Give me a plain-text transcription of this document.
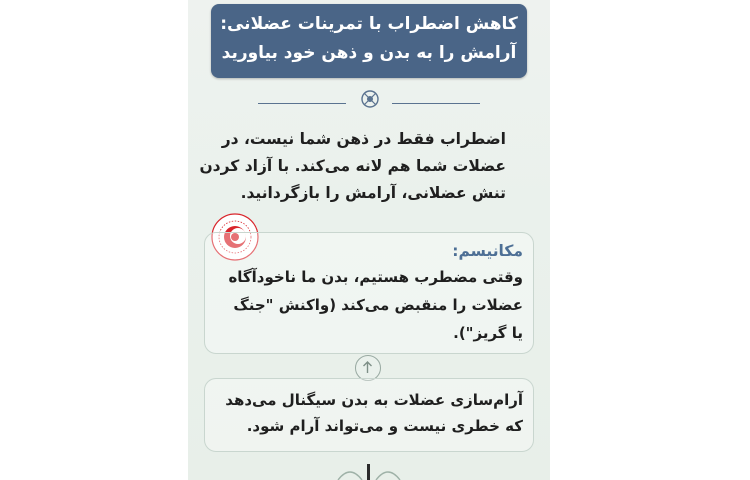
کاهش اضطراب با تمرینات عضلانی:
آرامش را به بدن و ذهن خود بیاورید
اضطراب فقط در ذهن شما نیست، در
عضلات شما هم لانه می‌کند. با آزاد کردن
تنش عضلانی، آرامش را بازگردانید.
مکانیسم:
وقتی مضطرب هستیم، بدن ما ناخودآگاه
عضلات را منقبض می‌کند (واکنش "جنگ
یا گریز").
آرام‌سازی عضلات به بدن سیگنال می‌دهد
که خطری نیست و می‌تواند آرام شود.
